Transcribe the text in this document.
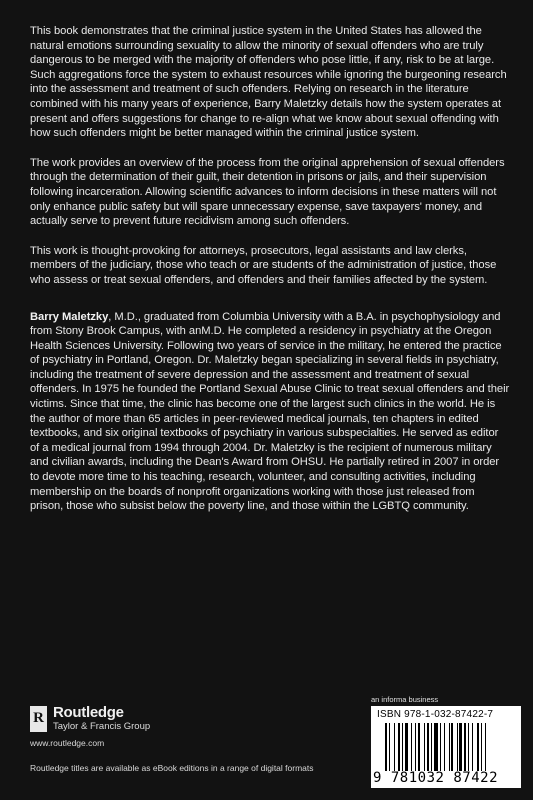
This book demonstrates that the criminal justice system in the United States has allowed the natural emotions surrounding sexuality to allow the minority of sexual offenders who are truly dangerous to be merged with the majority of offenders who pose little, if any, risk to be at large. Such aggregations force the system to exhaust resources while ignoring the burgeoning research into the assessment and treatment of such offenders. Relying on research in the literature combined with his many years of experience, Barry Maletzky details how the system operates at present and offers suggestions for change to re-align what we know about sexual offending with how such offenders might be better managed within the criminal justice system.

The work provides an overview of the process from the original apprehension of sexual offenders through the determination of their guilt, their detention in prisons or jails, and their supervision following incarceration. Allowing scientific advances to inform decisions in these matters will not only enhance public safety but will spare unnecessary expense, save taxpayers' money, and actually serve to prevent future recidivism among such offenders.

This work is thought-provoking for attorneys, prosecutors, legal assistants and law clerks, members of the judiciary, those who teach or are students of the administration of justice, those who assess or treat sexual offenders, and offenders and their families affected by the system.

Barry Maletzky, M.D., graduated from Columbia University with a B.A. in psychophysiology and from Stony Brook Campus, with anM.D. He completed a residency in psychiatry at the Oregon Health Sciences University. Following two years of service in the military, he entered the practice of psychiatry in Portland, Oregon. Dr. Maletzky began specializing in several fields in psychiatry, including the treatment of severe depression and the assessment and treatment of sexual offenders. In 1975 he founded the Portland Sexual Abuse Clinic to treat sexual offenders and their victims. Since that time, the clinic has become one of the largest such clinics in the world. He is the author of more than 65 articles in peer-reviewed medical journals, ten chapters in edited textbooks, and six original textbooks of psychiatry in various subspecialties. He served as editor of a medical journal from 1994 through 2004. Dr. Maletzky is the recipient of numerous military and civilian awards, including the Dean's Award from OHSU. He partially retired in 2007 in order to devote more time to his teaching, research, volunteer, and consulting activities, including membership on the boards of nonprofit organizations working with those just released from prison, those who subsist below the poverty line, and those within the LGBTQ community.

R Routledge
Taylor & Francis Group
www.routledge.com
Routledge titles are available as eBook editions in a range of digital formats
an informa business
ISBN 978-1-032-87422-7
9 781032 87422
